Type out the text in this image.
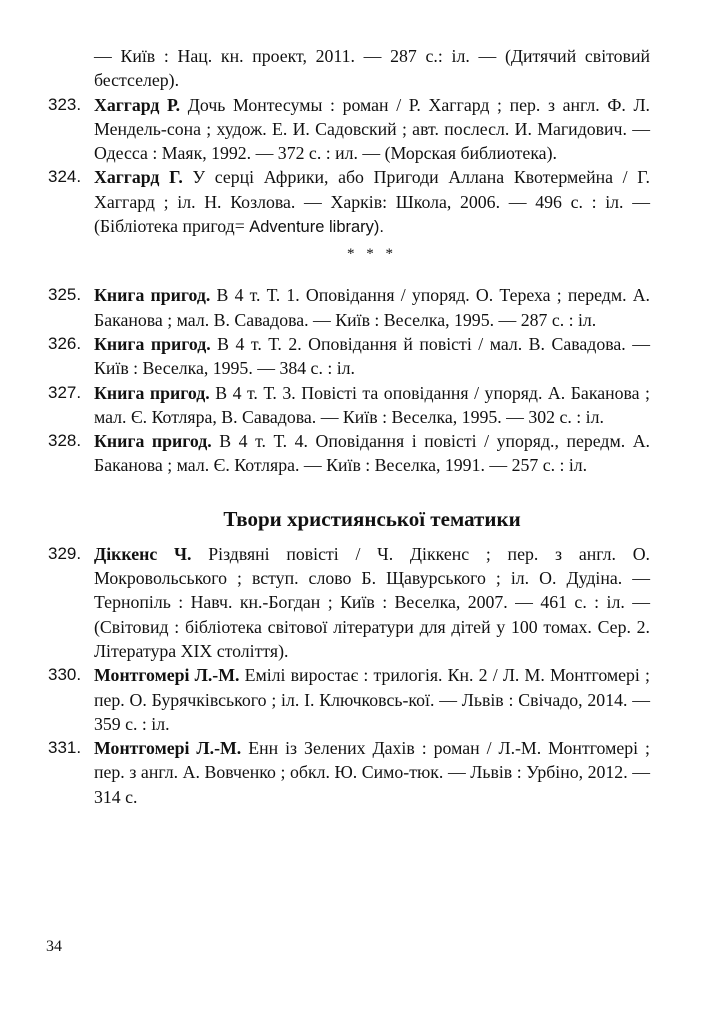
— Київ : Нац. кн. проект, 2011. — 287 с.: іл. — (Дитячий світовий бестселер).
323. Хаггард Р. Дочь Монтесумы : роман / Р. Хаггард ; пер. з англ. Ф. Л. Мендель-сона ; худож. Е. И. Садовский ; авт. послесл. И. Магидович. — Одесса : Маяк, 1992. — 372 с. : ил. — (Морская библиотека).
324. Хаггард Г. У серці Африки, або Пригоди Аллана Квотермейна / Г. Хаггард ; іл. Н. Козлова. — Харків: Школа, 2006. — 496 с. : іл. — (Бібліотека пригод= Adventure library).
* * *
325. Книга пригод. В 4 т. Т. 1. Оповідання / упоряд. О. Тереха ; передм. А. Баканова ; мал. В. Савадова. — Київ : Веселка, 1995. — 287 с. : іл.
326. Книга пригод. В 4 т. Т. 2. Оповідання й повісті / мал. В. Савадова. — Київ : Веселка, 1995. — 384 с. : іл.
327. Книга пригод. В 4 т. Т. 3. Повісті та оповідання / упоряд. А. Баканова ; мал. Є. Котляра, В. Савадова. — Київ : Веселка, 1995. — 302 с. : іл.
328. Книга пригод. В 4 т. Т. 4. Оповідання і повісті / упоряд., передм. А. Баканова ; мал. Є. Котляра. — Київ : Веселка, 1991. — 257 с. : іл.
Твори християнської тематики
329. Діккенс Ч. Різдвяні повісті / Ч. Діккенс ; пер. з англ. О. Мокровольського ; вступ. слово Б. Щавурського ; іл. О. Дудіна. — Тернопіль : Навч. кн.-Богдан ; Київ : Веселка, 2007. — 461 с. : іл. — (Світовид : бібліотека світової літератури для дітей у 100 томах. Сер. 2. Література XIX століття).
330. Монтгомері Л.-М. Емілі виростає : трилогія. Кн. 2 / Л. М. Монтгомері ; пер. О. Бурячківського ; іл. І. Ключковсь-кої. — Львів : Свічадо, 2014. — 359 с. : іл.
331. Монтгомері Л.-М. Енн із Зелених Дахів : роман / Л.-М. Монтгомері ; пер. з англ. А. Вовченко ; обкл. Ю. Симо-тюк. — Львів : Урбіно, 2012. — 314 с.
34
